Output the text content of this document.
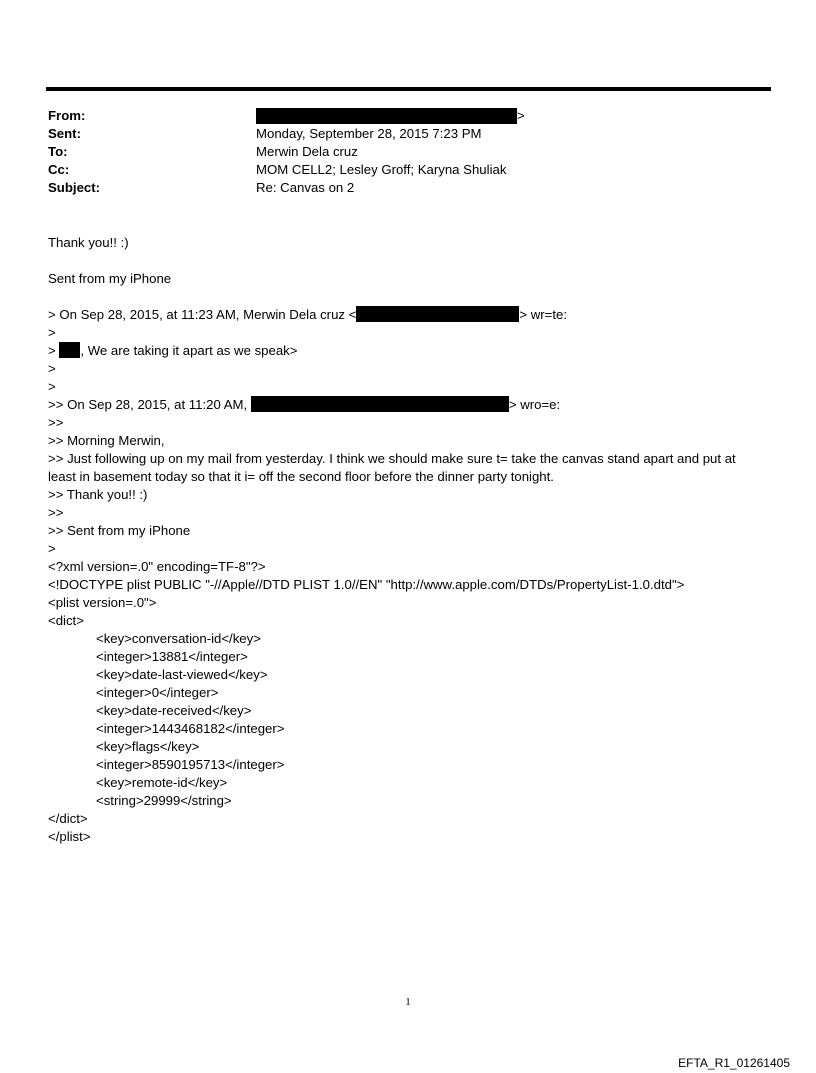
From:	>
Sent:	Monday, September 28, 2015 7:23 PM
To:	Merwin Dela cruz
Cc:	MOM CELL2; Lesley Groff; Karyna Shuliak
Subject:	Re: Canvas on 2
Thank you!! :)
Sent from my iPhone
> On Sep 28, 2015, at 11:23 AM, Merwin Dela cruz <	> wr=te:
>
> , We are taking it apart as we speak>
>
>
>> On Sep 28, 2015, at 11:20 AM,	> wro=e:
>>
>> Morning Merwin,
>> Just following up on my mail from yesterday. I think we should make sure t= take the canvas stand apart and put at least in basement today so that it i= off the second floor before the dinner party tonight.
>> Thank you!! :)
>>
>> Sent from my iPhone
>
<?xml version=.0" encoding=TF-8"?>
<!DOCTYPE plist PUBLIC "-//Apple//DTD PLIST 1.0//EN" "http://www.apple.com/DTDs/PropertyList-1.0.dtd">
<plist version=.0">
<dict>
<key>conversation-id</key>
<integer>13881</integer>
<key>date-last-viewed</key>
<integer>0</integer>
<key>date-received</key>
<integer>1443468182</integer>
<key>flags</key>
<integer>8590195713</integer>
<key>remote-id</key>
<string>29999</string>
</dict>
</plist>
1
EFTA_R1_01261405
